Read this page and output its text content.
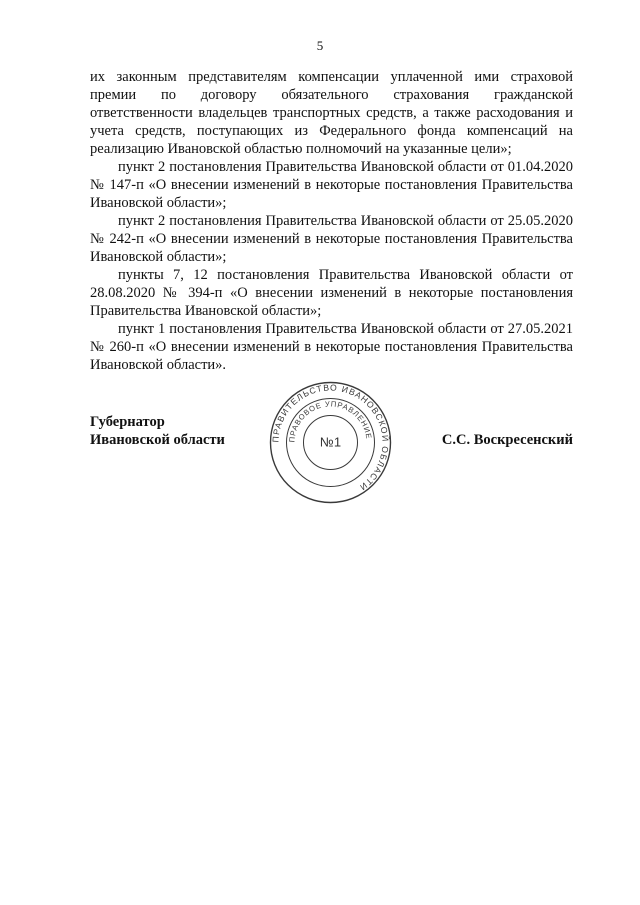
5

их законным представителям компенсации уплаченной ими страховой премии по договору обязательного страхования гражданской ответственности владельцев транспортных средств, а также расходования и учета средств, поступающих из Федерального фонда компенсаций на реализацию Ивановской областью полномочий на указанные цели»;

пункт 2 постановления Правительства Ивановской области от 01.04.2020 № 147-п «О внесении изменений в некоторые постановления Правительства Ивановской области»;

пункт 2 постановления Правительства Ивановской области от 25.05.2020 № 242-п «О внесении изменений в некоторые постановления Правительства Ивановской области»;

пункты 7, 12 постановления Правительства Ивановской области от 28.08.2020 № 394-п «О внесении изменений в некоторые постановления Правительства Ивановской области»;

пункт 1 постановления Правительства Ивановской области от 27.05.2021 № 260-п «О внесении изменений в некоторые постановления Правительства Ивановской области».

Губернатор
Ивановской области	С.С. Воскресенский
ПРАВИТЕЛЬСТВО ИВАНОВСКОЙ ОБЛАСТИ
ПРАВОВОЕ УПРАВЛЕНИЕ
№1
